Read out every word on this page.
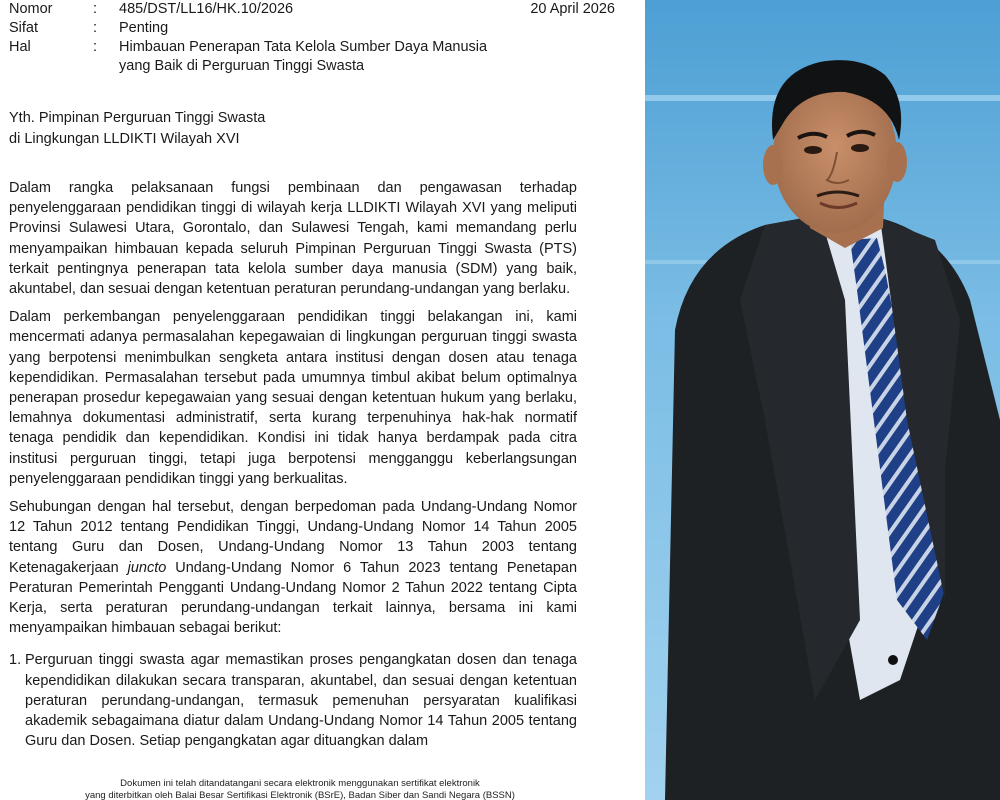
Nomor	:	485/DST/LL16/HK.10/2026	20 April 2026
Sifat	:	Penting
Hal	:	Himbauan Penerapan Tata Kelola Sumber Daya Manusia
yang Baik di Perguruan Tinggi Swasta
Yth. Pimpinan Perguruan Tinggi Swasta
di Lingkungan LLDIKTI Wilayah XVI

Dalam rangka pelaksanaan fungsi pembinaan dan pengawasan terhadap penyelenggaraan pendidikan tinggi di wilayah kerja LLDIKTI Wilayah XVI yang meliputi Provinsi Sulawesi Utara, Gorontalo, dan Sulawesi Tengah, kami memandang perlu menyampaikan himbauan kepada seluruh Pimpinan Perguruan Tinggi Swasta (PTS) terkait pentingnya penerapan tata kelola sumber daya manusia (SDM) yang baik, akuntabel, dan sesuai dengan ketentuan peraturan perundang-undangan yang berlaku.

Dalam perkembangan penyelenggaraan pendidikan tinggi belakangan ini, kami mencermati adanya permasalahan kepegawaian di lingkungan perguruan tinggi swasta yang berpotensi menimbulkan sengketa antara institusi dengan dosen atau tenaga kependidikan. Permasalahan tersebut pada umumnya timbul akibat belum optimalnya penerapan prosedur kepegawaian yang sesuai dengan ketentuan hukum yang berlaku, lemahnya dokumentasi administratif, serta kurang terpenuhinya hak-hak normatif tenaga pendidik dan kependidikan. Kondisi ini tidak hanya berdampak pada citra institusi perguruan tinggi, tetapi juga berpotensi mengganggu keberlangsungan penyelenggaraan pendidikan tinggi yang berkualitas.

Sehubungan dengan hal tersebut, dengan berpedoman pada Undang-Undang Nomor 12 Tahun 2012 tentang Pendidikan Tinggi, Undang-Undang Nomor 14 Tahun 2005 tentang Guru dan Dosen, Undang-Undang Nomor 13 Tahun 2003 tentang Ketenagakerjaan juncto Undang-Undang Nomor 6 Tahun 2023 tentang Penetapan Peraturan Pemerintah Pengganti Undang-Undang Nomor 2 Tahun 2022 tentang Cipta Kerja, serta peraturan perundang-undangan terkait lainnya, bersama ini kami menyampaikan himbauan sebagai berikut:

1. Perguruan tinggi swasta agar memastikan proses pengangkatan dosen dan tenaga kependidikan dilakukan secara transparan, akuntabel, dan sesuai dengan ketentuan peraturan perundang-undangan, termasuk pemenuhan persyaratan kualifikasi akademik sebagaimana diatur dalam Undang-Undang Nomor 14 Tahun 2005 tentang Guru dan Dosen. Setiap pengangkatan agar dituangkan dalam
Dokumen ini telah ditandatangani secara elektronik menggunakan sertifikat elektronik
yang diterbitkan oleh Balai Besar Sertifikasi Elektronik (BSrE), Badan Siber dan Sandi Negara (BSSN)
